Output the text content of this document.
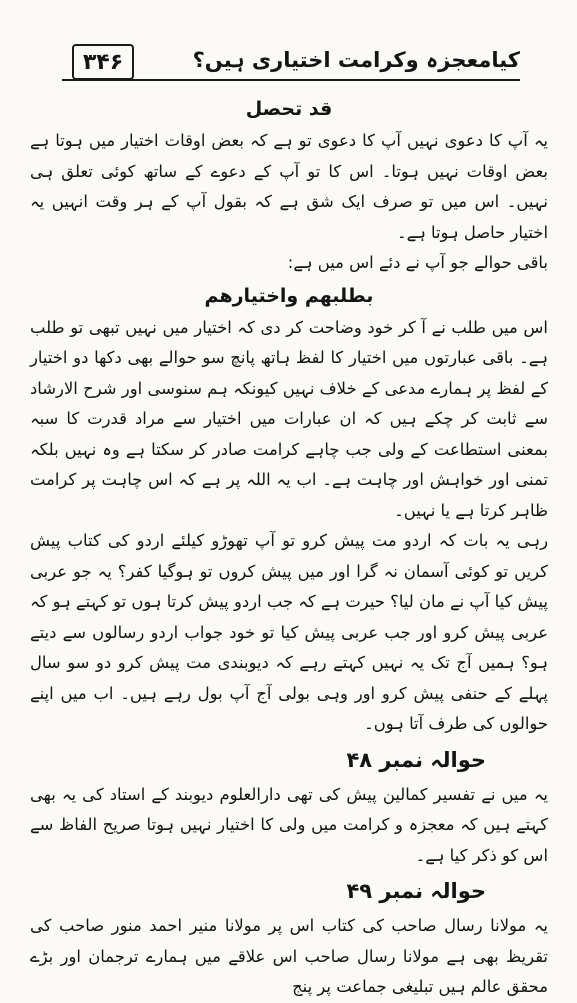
۳۴۶	کیامعجزہ وکرامت اختیاری ہیں؟
قد تحصل

یہ آپ کا دعوی نہیں آپ کا دعوی تو ہے کہ بعض اوقات اختیار میں ہوتا ہے بعض اوقات نہیں ہوتا۔ اس کا تو آپ کے دعوے کے ساتھ کوئی تعلق ہی نہیں۔ اس میں تو صرف ایک شق ہے کہ بقول آپ کے ہر وقت انہیں یہ اختیار حاصل ہوتا ہے۔

باقی حوالے جو آپ نے دئے اس میں ہے:

بطلبھم واختیارھم

اس میں طلب نے آ کر خود وضاحت کر دی کہ اختیار میں نہیں تبھی تو طلب ہے۔ باقی عبارتوں میں اختیار کا لفظ ہاتھ پانچ سو حوالے بھی دکھا دو اختیار کے لفظ پر ہمارے مدعی کے خلاف نہیں کیونکہ ہم سنوسی اور شرح الارشاد سے ثابت کر چکے ہیں کہ ان عبارات میں اختیار سے مراد قدرت کا سبہ بمعنی استطاعت کے ولی جب چاہے کرامت صادر کر سکتا ہے وہ نہیں بلکہ تمنی اور خواہش اور چاہت ہے۔ اب یہ اللہ پر ہے کہ اس چاہت پر کرامت ظاہر کرتا ہے یا نہیں۔

رہی یہ بات کہ اردو مت پیش کرو تو آپ تھوڑو کیلئے اردو کی کتاب پیش کریں تو کوئی آسمان نہ گرا اور میں پیش کروں تو ہوگیا کفر؟ یہ جو عربی پیش کیا آپ نے مان لیا؟ حیرت ہے کہ جب اردو پیش کرتا ہوں تو کہتے ہو کہ عربی پیش کرو اور جب عربی پیش کیا تو خود جواب اردو رسالوں سے دیتے ہو؟ ہمیں آج تک یہ نہیں کہتے رہے کہ دیوبندی مت پیش کرو دو سو سال پہلے کے حنفی پیش کرو اور وہی بولی آج آپ بول رہے ہیں۔ اب میں اپنے حوالوں کی طرف آتا ہوں۔

حوالہ نمبر ۴۸

یہ میں نے تفسیر کمالین پیش کی تھی دارالعلوم دیوبند کے استاد کی یہ بھی کہتے ہیں کہ معجزہ و کرامت میں ولی کا اختیار نہیں ہوتا صریح الفاظ سے اس کو ذکر کیا ہے۔

حوالہ نمبر ۴۹

یہ مولانا رسال صاحب کی کتاب اس پر مولانا منیر احمد منور صاحب کی تقریظ بھی ہے مولانا رسال صاحب اس علاقے میں ہمارے ترجمان اور بڑے محقق عالم ہیں تبلیغی جماعت پر پنج
